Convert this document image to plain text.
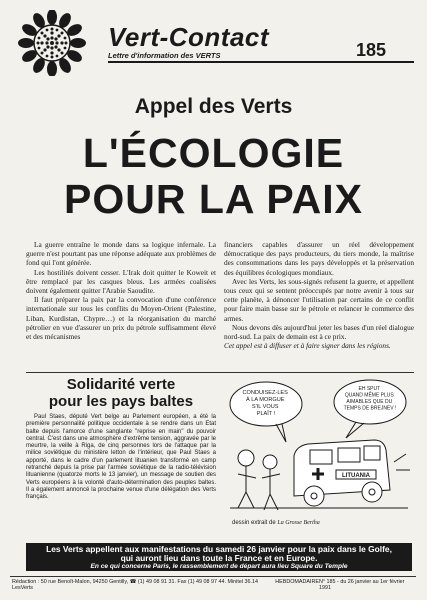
Vert-Contact
Lettre d'information des VERTS	185
Appel des Verts
L'ÉCOLOGIE
POUR LA PAIX

La guerre entraîne le monde dans sa logique infernale. La guerre n'est pourtant pas une réponse adéquate aux problèmes de fond qui l'ont générée.

Les hostilités doivent cesser. L'Irak doit quitter le Koweit et être remplacé par les casques bleus. Les armées coalisées doivent également quitter l'Arabie Saoudite.

Il faut préparer la paix par la convocation d'une conférence internationale sur tous les conflits du Moyen-Orient (Palestine, Liban, Kurdistan, Chypre…) et la réorganisation du marché pétrolier en vue d'assurer un prix du pétrole suffisamment élevé et des mécanismes

financiers capables d'assurer un réel développement démocratique des pays producteurs, du tiers monde, la maîtrise des consommations dans les pays développés et la préservation des équilibres écologiques mondiaux.

Avec les Verts, les sous-signés refusent la guerre, et appellent tous ceux qui se sentent préoccupés par notre avenir à tous sur cette planète, à dénoncer l'utilisation par certains de ce conflit pour faire main basse sur le pétrole et relancer le commerce des armes.

Nous devons dès aujourd'hui jeter les bases d'un réel dialogue nord-sud. La paix de demain est à ce prix.

Cet appel est à diffuser et à faire signer dans les régions.

Solidarité verte
pour les pays baltes

Paul Staes, député Vert belge au Parlement européen, a été la première personnalité politique occidentale à se rendre dans un Etat balte depuis l'amorce d'une sanglante "reprise en main" du pouvoir central. C'est dans une atmosphère d'extrême tension, aggravée par le meurtre, la veille à Riga, de cinq personnes lors de l'attaque par la milice soviétique du ministère letton de l'intérieur, que Paul Staes a apporté, dans le cadre d'un parlement lituanien transformé en camp retranché depuis la prise par l'armée soviétique de la radio-télévision lituanienne (quatorze morts le 13 janvier), un message de soutien des Verts européens à la volonté d'auto-détermination des peuples baltes. Il a également annoncé la prochaine venue d'une délégation des Verts français.

CONDUISEZ-LES À LA MORGUE S'IL VOUS PLAÎT !
EH SPUT QUAND MÊME PLUS AIMABLES QUE DU TEMPS DE BREJNEV !
LITUANIA
dessin extrait de La Grosse Bertha
Les Verts appellent aux manifestations du samedi 26 janvier pour la paix dans le Golfe,
qui auront lieu dans toute la France et en Europe.
En ce qui concerne Paris, le rassemblement de départ aura lieu Square du Temple
Rédaction : 50 rue Benoît-Malon, 94250 Gentilly, ☎ (1) 49 08 91 31. Fax (1) 49 08 97 44. Minitel 36.14 LesVerts
HEBDOMADAIRE N° 185 - du 26 janvier au 1er février 1991
